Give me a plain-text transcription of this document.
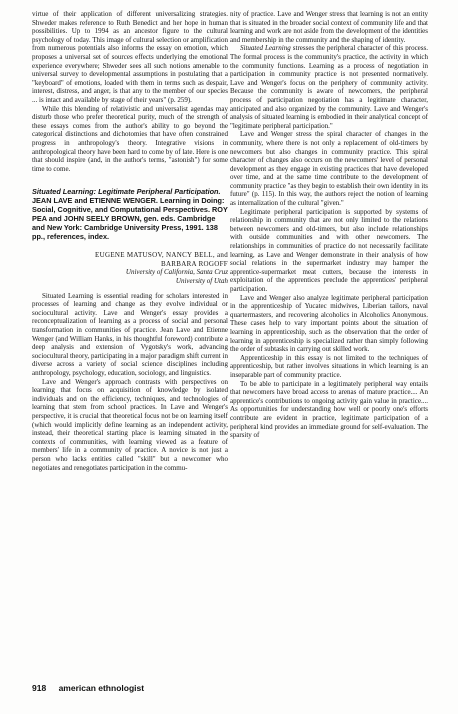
virtue of their application of different universalizing strategies. Shweder makes reference to Ruth Benedict and her hope in human possibilities. Up to 1994 as an ancestor figure to the cultural psychology of today. This image of cultural selection or amplification from numerous potentials also informs the essay on emotion, which proposes a universal set of sources effects underlying the emotional experience everywhere; Shweder sees all such notions amenable to universal survey to developmental assumptions in postulating that a "keyboard" of emotions, loaded with them in terms such as despair, interest, distress, and anger, is that any to the member of our species ... is intact and available by stage of their years" (p. 259).

While this blending of relativistic and universalist agendas may disturb those who prefer theoretical purity, much of the strength of these essays comes from the author's ability to go beyond the categorical distinctions and dichotomies that have often constrained progress in anthropology's theory. Integrative visions in anthropological theory have been hard to come by of late. Here is one that should inspire (and, in the author's terms, "astonish") for some time to come.

Situated Learning: Legitimate Peripheral Participation. JEAN LAVE and ETIENNE WENGER. Learning in Doing: Social, Cognitive, and Computational Perspectives. ROY PEA and JOHN SEELY BROWN, gen. eds. Cambridge and New York: Cambridge University Press, 1991. 138 pp., references, index.
EUGENE MATUSOV, NANCY BELL, and
BARBARA ROGOFF
University of California, Santa Cruz
University of Utah

Situated Learning is essential reading for scholars interested in processes of learning and change as they evolve individual or sociocultural activity. Lave and Wenger's essay provides a reconceptualization of learning as a process of social and personal transformation in communities of practice. Jean Lave and Etienne Wenger (and William Hanks, in his thoughtful foreword) contribute a deep analysis and extension of Vygotsky's work, advancing sociocultural theory, participating in a major paradigm shift current in diverse across a variety of social science disciplines including anthropology, psychology, education, sociology, and linguistics.

Lave and Wenger's approach contrasts with perspectives on learning that focus on acquisition of knowledge by isolated individuals and on the efficiency, techniques, and technologies of learning that stem from school practices. In Lave and Wenger's perspective, it is crucial that theoretical focus not be on learning itself (which would implicitly define learning as an independent activity, instead, their theoretical starting place is learning situated in the contexts of communities, with learning viewed as a feature of members' life in a community of practice. A novice is not just a person who lacks entities called "skill" but a newcomer who negotiates and renegotiates participation in the commu-

nity of practice. Lave and Wenger stress that learning is not an entity that is situated in the broader social context of community life and that learning and work are not aside from the development of the identities and membership in the community and the shaping of identity.

Situated Learning stresses the peripheral character of this process. The formal process is the community's practice, the activity in which the community functions. Learning as a process of negotiation in participation in community practice is not presented normatively. Lave and Wenger's focus on the periphery of community activity. Because the community is aware of newcomers, the peripheral process of participation negotiation has a legitimate character, anticipated and also organized by the community. Lave and Wenger's analysis of situated learning is embodied in their analytical concept of "legitimate peripheral participation."

Lave and Wenger stress the spiral character of changes in the community, where there is not only a replacement of old-timers by newcomers but also changes in community practice. This spiral character of changes also occurs on the newcomers' level of personal development as they engage in existing practices that have developed over time, and at the same time contribute to the development of community practice "as they begin to establish their own identity in its future" (p. 115). In this way, the authors reject the notion of learning as internalization of the cultural "given."

Legitimate peripheral participation is supported by systems of relationship in community that are not only limited to the relations between newcomers and old-timers, but also include relationships with outside communities and with other newcomers. The relationships in communities of practice do not necessarily facilitate learning, as Lave and Wenger demonstrate in their analysis of how social relations in the supermarket industry may hamper the apprentice-supermarket meat cutters, because the interests in exploitation of the apprentices preclude the apprentices' peripheral participation.

Lave and Wenger also analyze legitimate peripheral participation in the apprenticeship of Yucatec midwives, Liberian tailors, naval quartermasters, and recovering alcoholics in Alcoholics Anonymous. These cases help to vary important points about the situation of learning in apprenticeship, such as the observation that the order of learning in apprenticeship is specialized rather than simply following the order of subtasks in carrying out skilled work.

Apprenticeship in this essay is not limited to the techniques of apprenticeship, but rather involves situations in which learning is an inseparable part of community practice.

To be able to participate in a legitimately peripheral way entails that newcomers have broad access to arenas of mature practice.... An apprentice's contributions to ongoing activity gain value in practice.... As opportunities for understanding how well or poorly one's efforts contribute are evident in practice, legitimate participation of a peripheral kind provides an immediate ground for self-evaluation. The sparsity of

918 american ethnologist
